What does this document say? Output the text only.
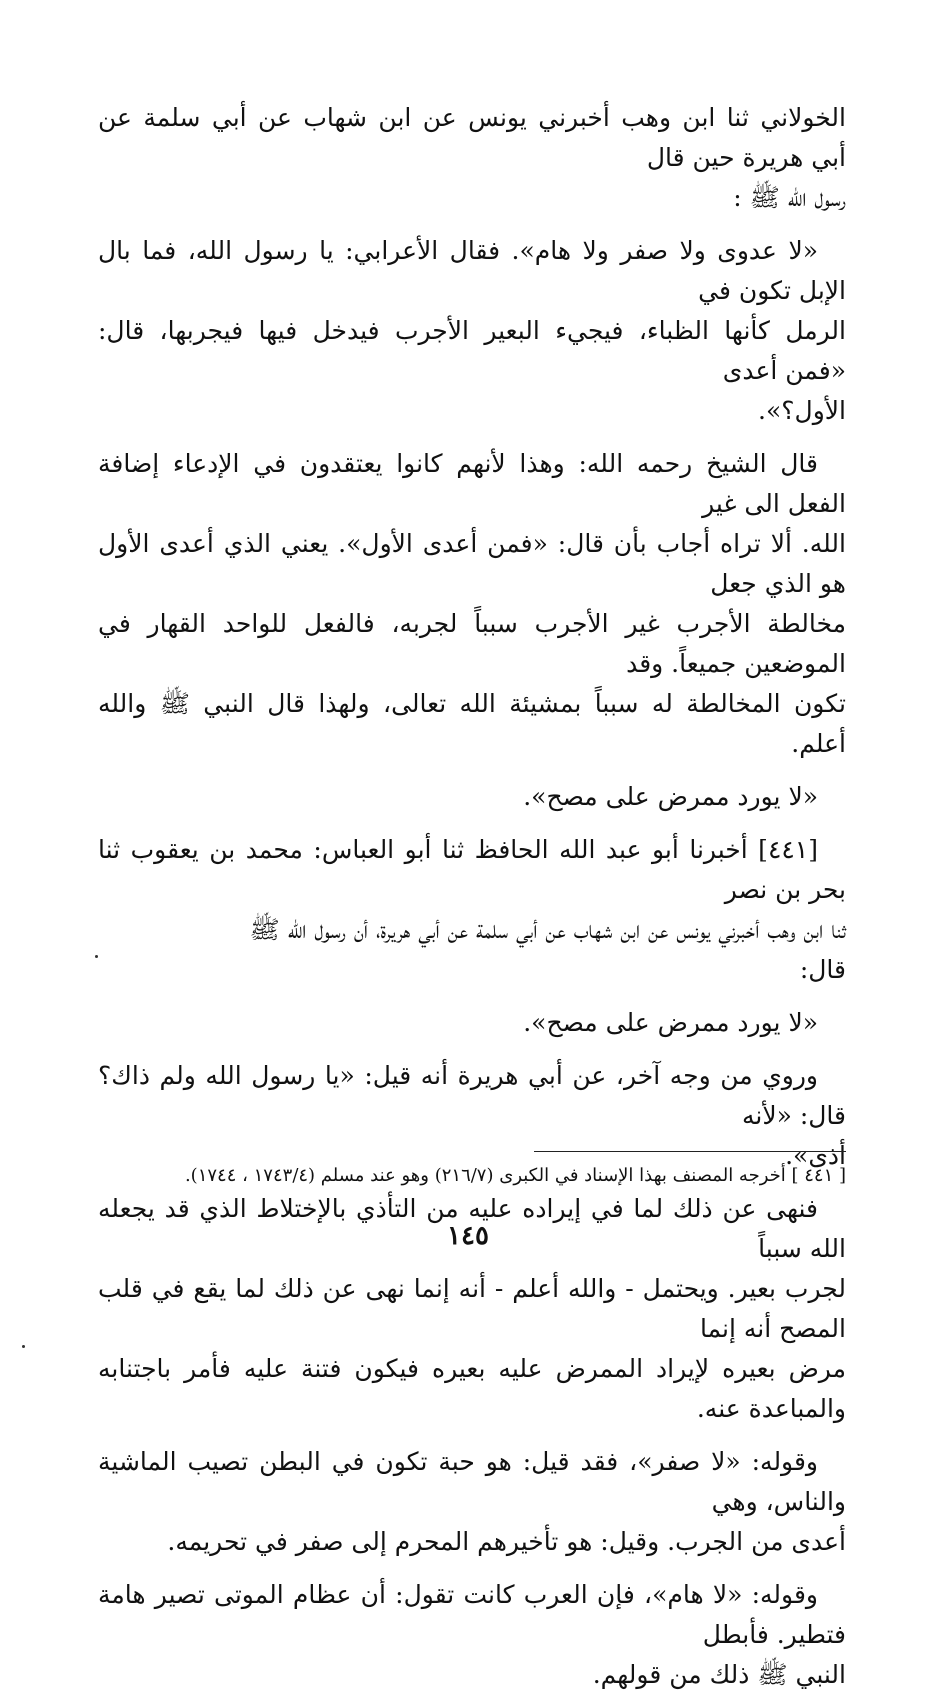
الخولاني ثنا ابن وهب أخبرني يونس عن ابن شهاب عن أبي سلمة عن أبي هريرة حين قال
رسول الله ﷺ :

«لا عدوى ولا صفر ولا هام». فقال الأعرابي: يا رسول الله، فما بال الإبل تكون في
الرمل كأنها الظباء، فيجيء البعير الأجرب فيدخل فيها فيجربها، قال: «فمن أعدى
الأول؟».

قال الشيخ رحمه الله: وهذا لأنهم كانوا يعتقدون في الإدعاء إضافة الفعل الى غير
الله. ألا تراه أجاب بأن قال: «فمن أعدى الأول». يعني الذي أعدى الأول هو الذي جعل
مخالطة الأجرب غير الأجرب سبباً لجربه، فالفعل للواحد القهار في الموضعين جميعاً. وقد
تكون المخالطة له سبباً بمشيئة الله تعالى، ولهذا قال النبي ﷺ والله أعلم.

«لا يورد ممرض على مصح».

[٤٤١] أخبرنا أبو عبد الله الحافظ ثنا أبو العباس: محمد بن يعقوب ثنا بحر بن نصر
ثنا ابن وهب أخبرني يونس عن ابن شهاب عن أبي سلمة عن أبي هريرة، أن رسول الله ﷺ
قال:

«لا يورد ممرض على مصح».

وروي من وجه آخر، عن أبي هريرة أنه قيل: «يا رسول الله ولم ذاك؟ قال: «لأنه
أذى».

فنهى عن ذلك لما في إيراده عليه من التأذي بالإختلاط الذي قد يجعله الله سبباً
لجرب بعير. ويحتمل - والله أعلم - أنه إنما نهى عن ذلك لما يقع في قلب المصح أنه إنما
مرض بعيره لإيراد الممرض عليه بعيره فيكون فتنة عليه فأمر باجتنابه والمباعدة عنه.

وقوله: «لا صفر»، فقد قيل: هو حبة تكون في البطن تصيب الماشية والناس، وهي
أعدى من الجرب. وقيل: هو تأخيرهم المحرم إلى صفر في تحريمه.

وقوله: «لا هام»، فإن العرب كانت تقول: أن عظام الموتى تصير هامة فتطير. فأبطل
النبي ﷺ ذلك من قولهم.

[ ٤٤١ ] أخرجه المصنف بهذا الإسناد في الكبرى (٢١٦/٧) وهو عند مسلم (١٧٤٣/٤ ، ١٧٤٤).
١٤٥
